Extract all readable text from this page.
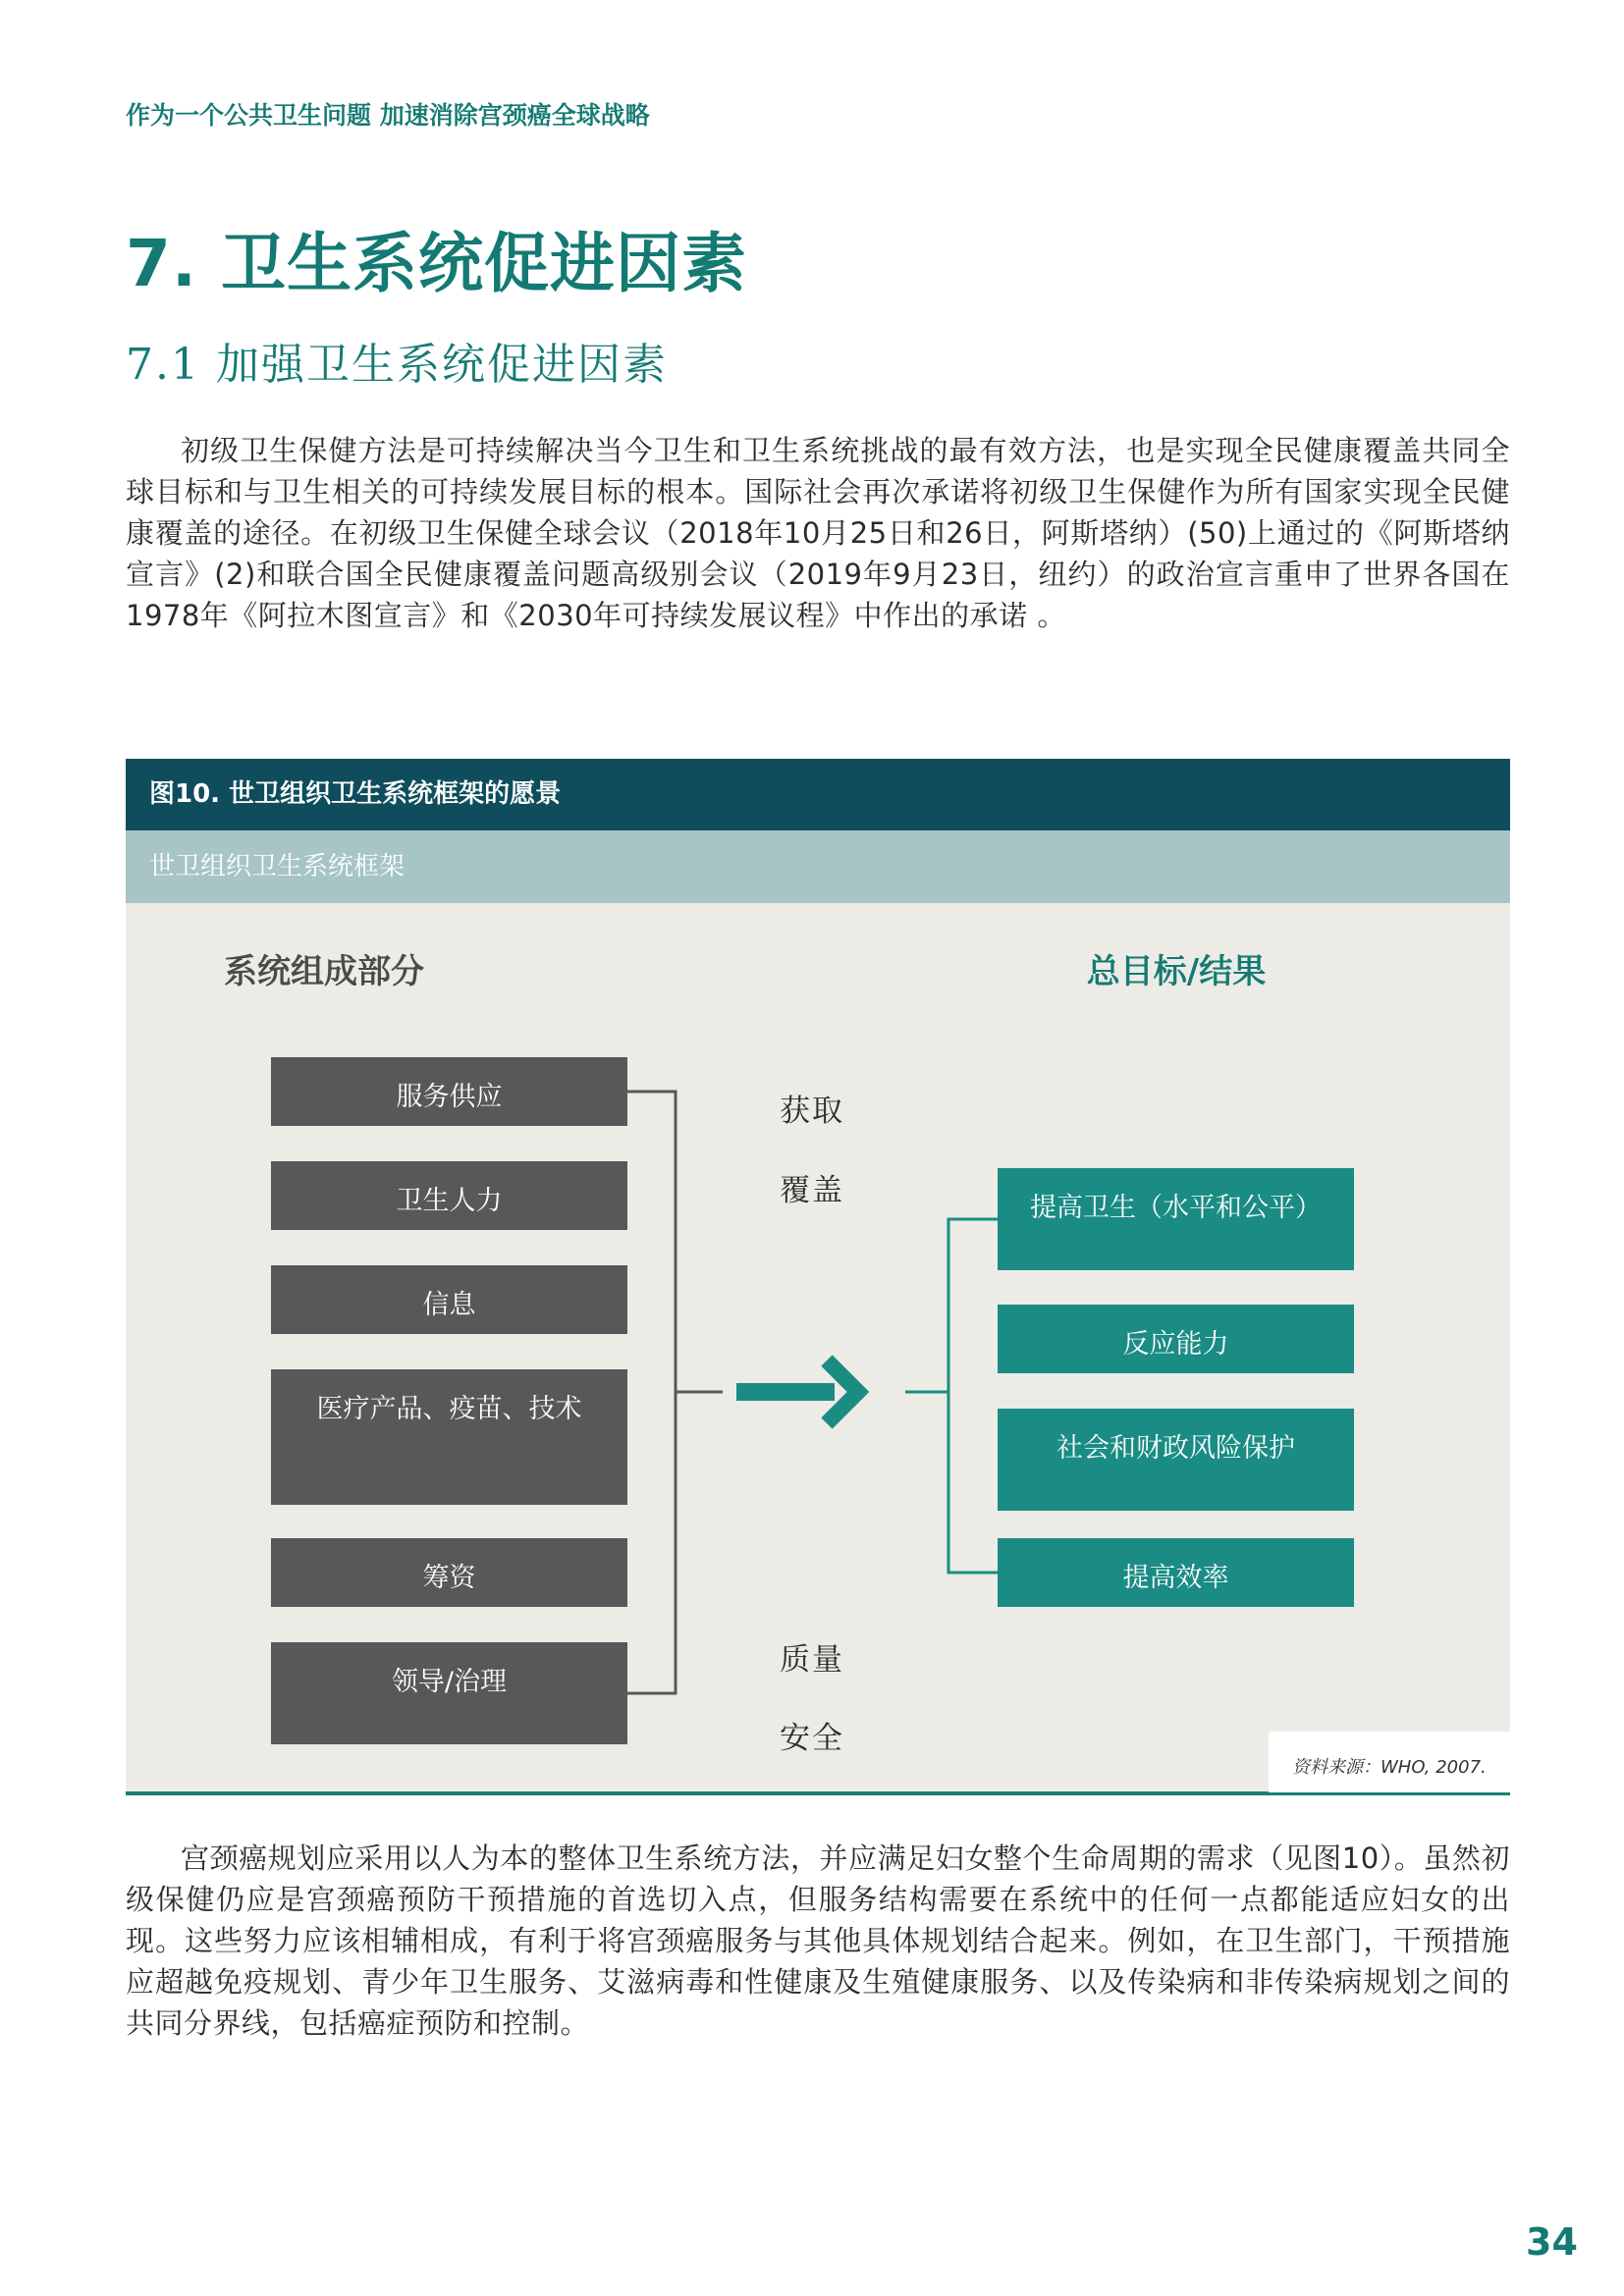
作为一个公共卫生问题 加速消除宫颈癌全球战略
7. 卫生系统促进因素
7.1 加强卫生系统促进因素

初级卫生保健方法是可持续解决当今卫生和卫生系统挑战的最有效方法，也是实现全民健康覆盖共同全球目标和与卫生相关的可持续发展目标的根本。国际社会再次承诺将初级卫生保健作为所有国家实现全民健康覆盖的途径。在初级卫生保健全球会议（2018年10月25日和26日，阿斯塔纳）(50)上通过的《阿斯塔纳宣言》(2)和联合国全民健康覆盖问题高级别会议（2019年9月23日，纽约）的政治宣言重申了世界各国在1978年《阿拉木图宣言》和《2030年可持续发展议程》中作出的承诺 。

图10. 世卫组织卫生系统框架的愿景
世卫组织卫生系统框架
系统组成部分	总目标/结果
服务供应
卫生人力
信息
医疗产品、疫苗、技术
筹资
领导/治理
获取
覆盖
质量
安全
提高卫生（水平和公平）
反应能力
社会和财政风险保护
提高效率
资料来源：WHO, 2007.

宫颈癌规划应采用以人为本的整体卫生系统方法，并应满足妇女整个生命周期的需求（见图10）。虽然初级保健仍应是宫颈癌预防干预措施的首选切入点，但服务结构需要在系统中的任何一点都能适应妇女的出现。这些努力应该相辅相成，有利于将宫颈癌服务与其他具体规划结合起来。例如，在卫生部门，干预措施应超越免疫规划、青少年卫生服务、艾滋病毒和性健康及生殖健康服务、以及传染病和非传染病规划之间的共同分界线，包括癌症预防和控制。

34
